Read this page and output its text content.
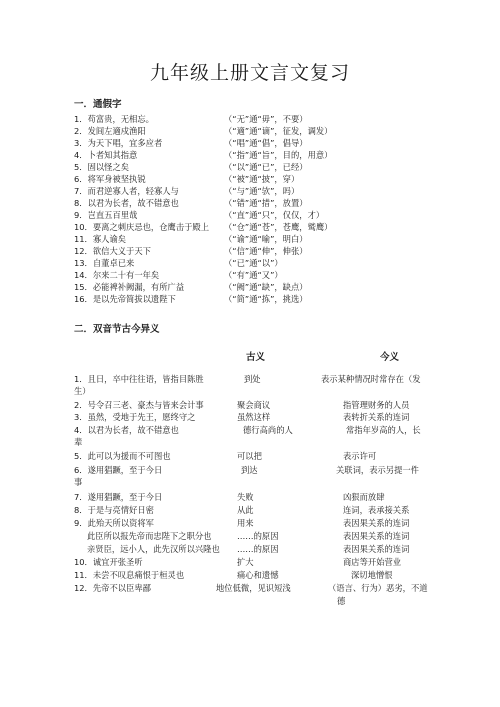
九年级上册文言文复习
一．通假字
1．苟富贵，无相忘。	（“无”通“毋”，不要）
2．发闾左適戍渔阳	（“適”通“谪”，征发，调发）
3．为天下唱，宜多应者	（“唱”通“倡”，倡导）
4．卜者知其指意	（“指”通“旨”，目的，用意）
5．固以怪之矣	（“以”通“已”，已经）
6．将军身被坚执锐	（“被”通“披”，穿）
7．而君逆寡人者，轻寡人与	（“与”通“欤”，吗）
8．以君为长者，故不错意也	（“错”通“措”，放置）
9．岂直五百里哉	（“直”通“只”，仅仅，才）
10．要离之刺庆忌也，仓鹰击于殿上 （“仓”通“苍”，苍鹰，鹫鹰）
11．寡人谕矣	（“谕”通“喻”，明白）
12．欲信大义于天下	（“信”通“伸”，伸张）
13．自董卓已来	（“已”通“以”）
14．尔来二十有一年矣	（“有”通“又”）
15．必能裨补阙漏，有所广益	（“阙”通“缺”，缺点）
16．是以先帝简拔以遗陛下	（“简”通“拣”，挑选）
二．双音节古今异义
古义	今义
1．且日，卒中往往语，皆指目陈胜	到处	表示某种情况时常存在（发
生）
2．号令召三老、豪杰与皆来会计事	聚会商议	指管理财务的人员
3．虽然，受地于先王，愿终守之	虽然这样	表转折关系的连词
4．以君为长者，故不错意也	德行高尚的人	常指年岁高的人，长
辈
5．此可以为援而不可图也	可以把	表示许可
6．遂用猖蹶，至于今日	到达	关联词，表示另提一件
事
7．遂用猖蹶，至于今日	失败	凶狠而放肆
8．于是与亮情好日密	从此	连词，表承接关系
9．此殆天所以资将军	用来	表因果关系的连词
此臣所以报先帝而忠陛下之职分也	……的原因	表因果关系的连词
亲贤臣，远小人，此先汉所以兴隆也 ……的原因	表因果关系的连词
10．诚宜开张圣听	扩大	商店等开始营业
11．未尝不叹息痛恨于桓灵也	痛心和遗憾	深切地憎恨
12．先帝不以臣卑鄙	地位低微，见识短浅	（语言、行为）恶劣，不道
德
